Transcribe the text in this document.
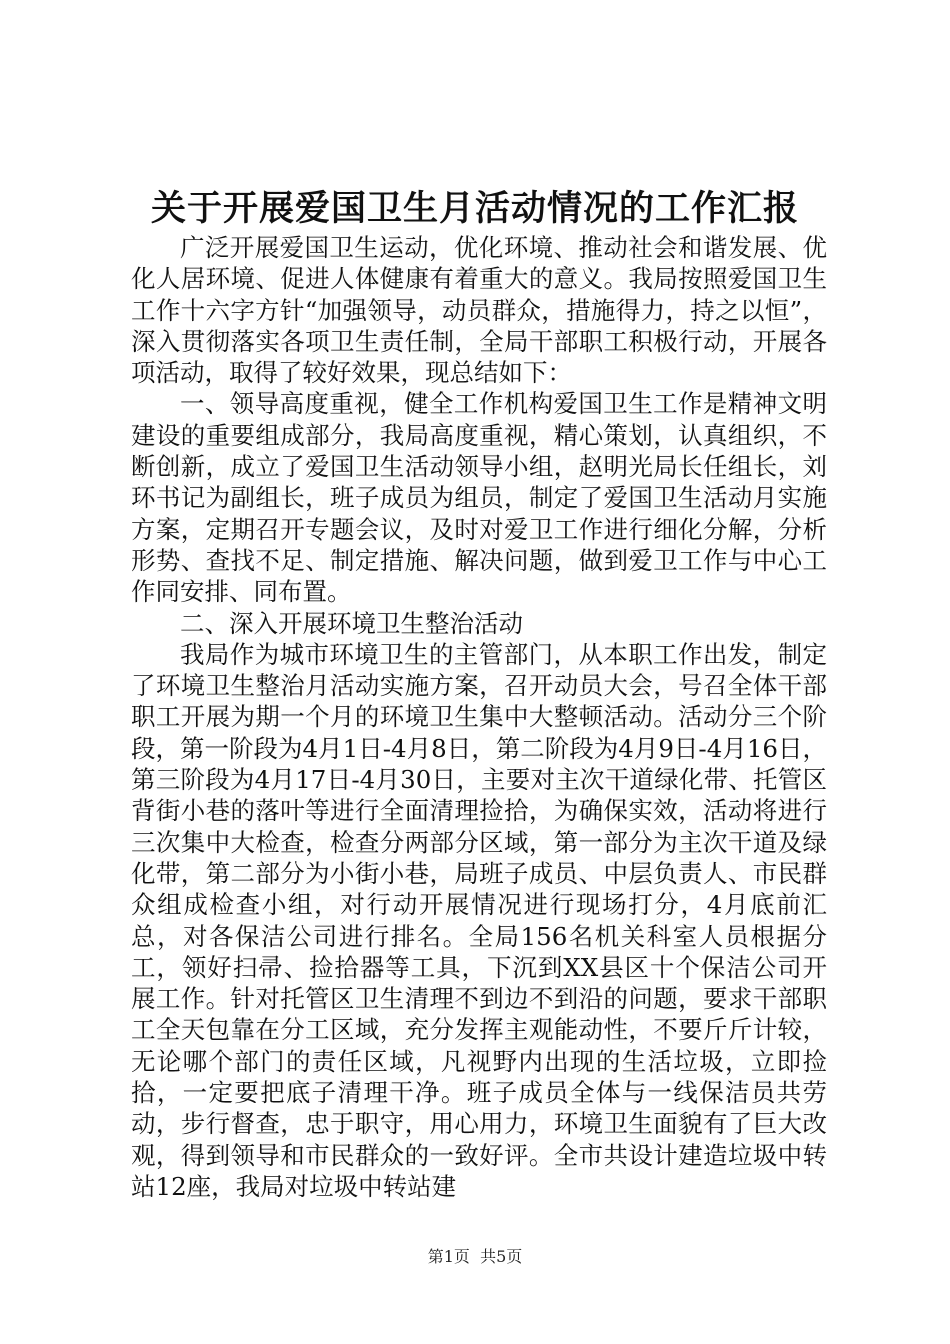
关于开展爱国卫生月活动情况的工作汇报

广泛开展爱国卫生运动，优化环境、推动社会和谐发展、优化人居环境、促进人体健康有着重大的意义。我局按照爱国卫生工作十六字方针“加强领导，动员群众，措施得力，持之以恒”，深入贯彻落实各项卫生责任制，全局干部职工积极行动，开展各项活动，取得了较好效果，现总结如下：

一、领导高度重视，健全工作机构爱国卫生工作是精神文明建设的重要组成部分，我局高度重视，精心策划，认真组织，不断创新，成立了爱国卫生活动领导小组，赵明光局长任组长，刘环书记为副组长，班子成员为组员，制定了爱国卫生活动月实施方案，定期召开专题会议，及时对爱卫工作进行细化分解，分析形势、查找不足、制定措施、解决问题，做到爱卫工作与中心工作同安排、同布置。

二、深入开展环境卫生整治活动

我局作为城市环境卫生的主管部门，从本职工作出发，制定了环境卫生整治月活动实施方案，召开动员大会，号召全体干部职工开展为期一个月的环境卫生集中大整顿活动。活动分三个阶段，第一阶段为4月1日-4月8日，第二阶段为4月9日-4月16日，第三阶段为4月17日-4月30日，主要对主次干道绿化带、托管区背街小巷的落叶等进行全面清理捡拾，为确保实效，活动将进行三次集中大检查，检查分两部分区域，第一部分为主次干道及绿化带，第二部分为小街小巷，局班子成员、中层负责人、市民群众组成检查小组，对行动开展情况进行现场打分，4月底前汇总，对各保洁公司进行排名。全局156名机关科室人员根据分工，领好扫帚、捡拾器等工具，下沉到XX县区十个保洁公司开展工作。针对托管区卫生清理不到边不到沿的问题，要求干部职工全天包靠在分工区域，充分发挥主观能动性，不要斤斤计较，无论哪个部门的责任区域，凡视野内出现的生活垃圾，立即捡拾，一定要把底子清理干净。班子成员全体与一线保洁员共劳动，步行督查，忠于职守，用心用力，环境卫生面貌有了巨大改观，得到领导和市民群众的一致好评。全市共设计建造垃圾中转站12座，我局对垃圾中转站建

第1页 共5页
